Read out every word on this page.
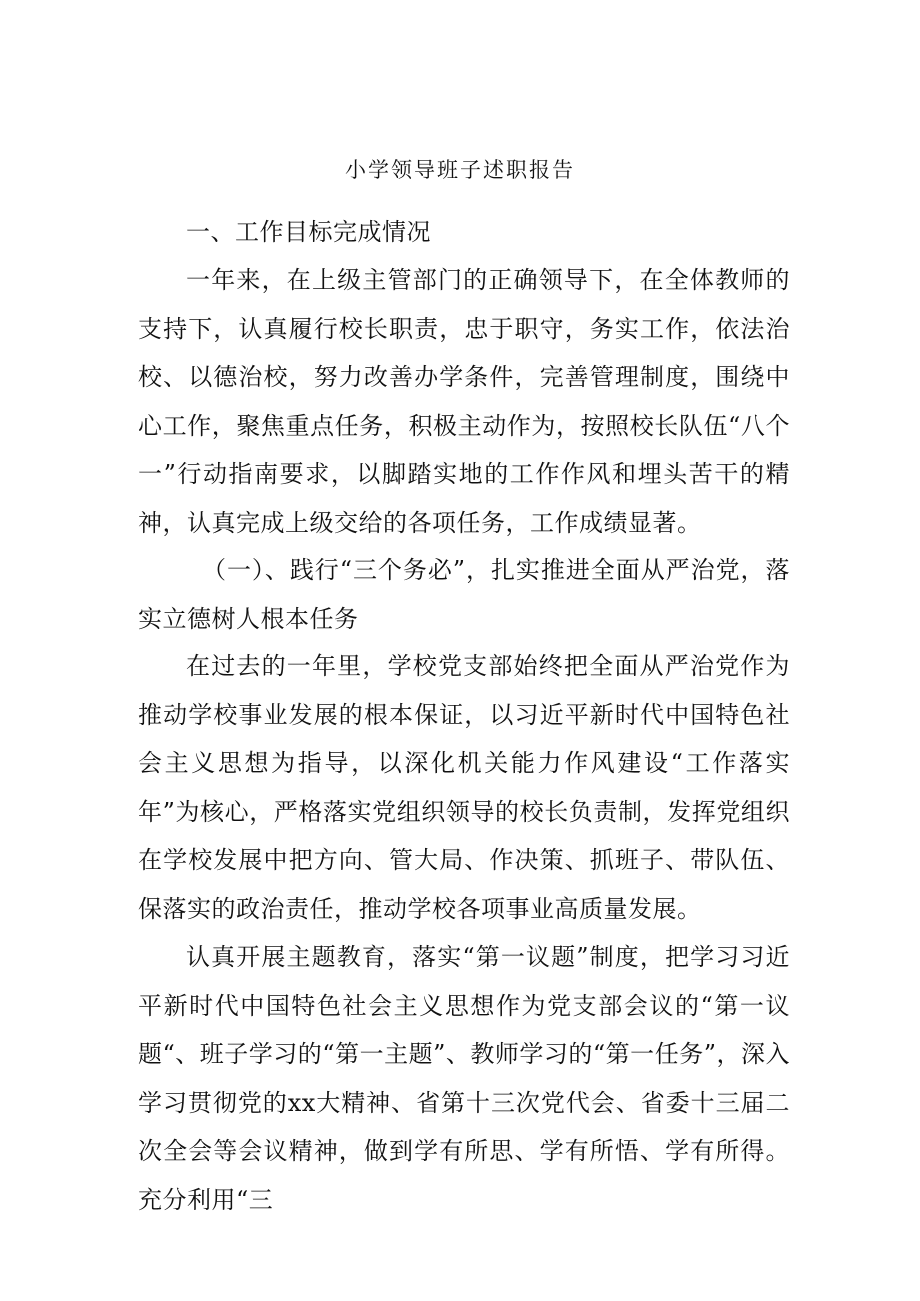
小学领导班子述职报告

一、工作目标完成情况

一年来，在上级主管部门的正确领导下，在全体教师的支持下，认真履行校长职责，忠于职守，务实工作，依法治校、以德治校，努力改善办学条件，完善管理制度，围绕中心工作，聚焦重点任务，积极主动作为，按照校长队伍“八个一”行动指南要求，以脚踏实地的工作作风和埋头苦干的精神，认真完成上级交给的各项任务，工作成绩显著。

（一）、践行“三个务必”，扎实推进全面从严治党，落实立德树人根本任务

在过去的一年里，学校党支部始终把全面从严治党作为推动学校事业发展的根本保证，以习近平新时代中国特色社会主义思想为指导，以深化机关能力作风建设“工作落实年”为核心，严格落实党组织领导的校长负责制，发挥党组织在学校发展中把方向、管大局、作决策、抓班子、带队伍、保落实的政治责任，推动学校各项事业高质量发展。

认真开展主题教育，落实“第一议题”制度，把学习习近平新时代中国特色社会主义思想作为党支部会议的“第一议题“、班子学习的“第一主题”、教师学习的“第一任务”，深入学习贯彻党的xx大精神、省第十三次党代会、省委十三届二次全会等会议精神，做到学有所思、学有所悟、学有所得。充分利用“三
